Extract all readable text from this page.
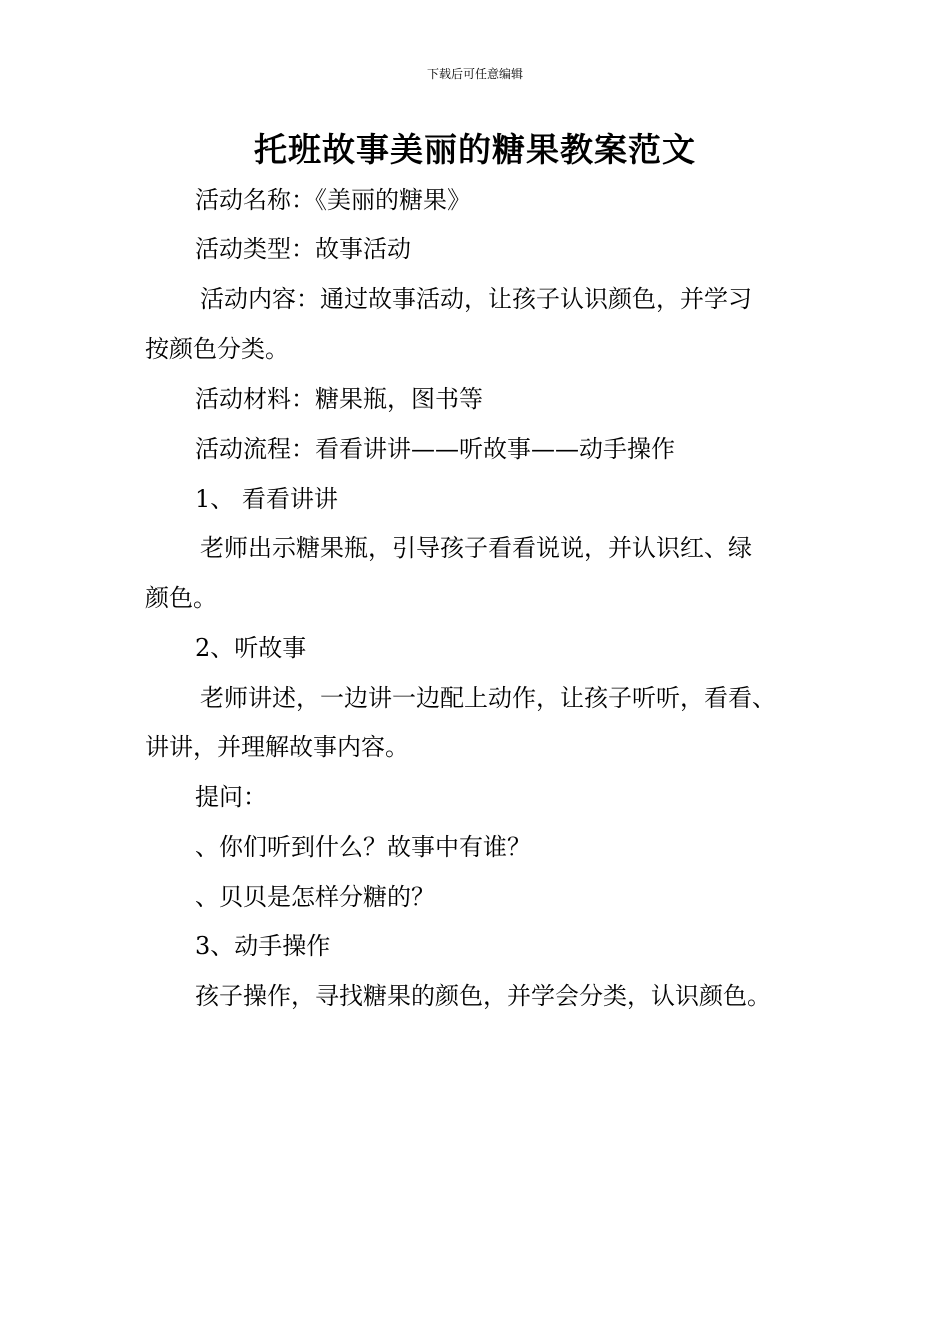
下载后可任意编辑
托班故事美丽的糖果教案范文
活动名称：《美丽的糖果》
活动类型：故事活动
活动内容：通过故事活动，让孩子认识颜色，并学习
按颜色分类。
活动材料：糖果瓶，图书等
活动流程：看看讲讲——听故事——动手操作
1、 看看讲讲
老师出示糖果瓶，引导孩子看看说说，并认识红、绿
颜色。
2、听故事
老师讲述，一边讲一边配上动作，让孩子听听，看看、
讲讲，并理解故事内容。
提问：
、你们听到什么？故事中有谁？
、贝贝是怎样分糖的？
3、动手操作
孩子操作，寻找糖果的颜色，并学会分类，认识颜色。
